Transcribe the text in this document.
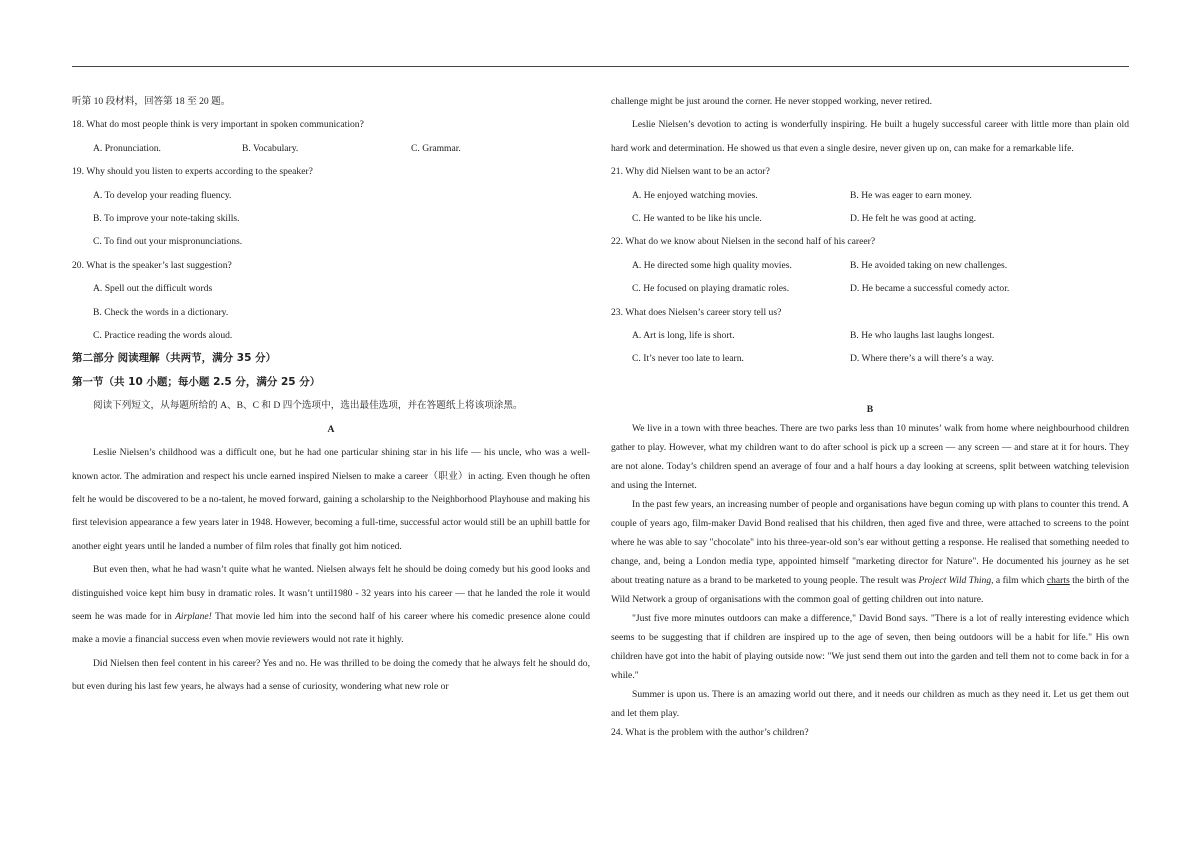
听第 10 段材料，回答第 18 至 20 题。

18. What do most people think is very important in spoken communication?

A. Pronunciation.	B. Vocabulary.	C. Grammar.

19. Why should you listen to experts according to the speaker?

A. To develop your reading fluency.

B. To improve your note-taking skills.

C. To find out your mispronunciations.

20. What is the speaker’s last suggestion?

A. Spell out the difficult words

B. Check the words in a dictionary.

C. Practice reading the words aloud.

第二部分 阅读理解（共两节，满分 35 分）

第一节（共 10 小题；每小题 2.5 分，满分 25 分）

阅读下列短文，从每题所给的 A、B、C 和 D 四个选项中，选出最佳选项，并在答题纸上将该项涂黑。

A

Leslie Nielsen’s childhood was a difficult one, but he had one particular shining star in his life — his uncle, who was a well-known actor. The admiration and respect his uncle earned inspired Nielsen to make a career（职业）in acting. Even though he often felt he would be discovered to be a no-talent, he moved forward, gaining a scholarship to the Neighborhood Playhouse and making his first television appearance a few years later in 1948. However, becoming a full-time, successful actor would still be an uphill battle for another eight years until he landed a number of film roles that finally got him noticed.

But even then, what he had wasn’t quite what he wanted. Nielsen always felt he should be doing comedy but his good looks and distinguished voice kept him busy in dramatic roles. It wasn’t until1980 - 32 years into his career — that he landed the role it would seem he was made for in Airplane! That movie led him into the second half of his career where his comedic presence alone could make a movie a financial success even when movie reviewers would not rate it highly.

Did Nielsen then feel content in his career? Yes and no. He was thrilled to be doing the comedy that he always felt he should do, but even during his last few years, he always had a sense of curiosity, wondering what new role or

challenge might be just around the corner. He never stopped working, never retired.

Leslie Nielsen’s devotion to acting is wonderfully inspiring. He built a hugely successful career with little more than plain old hard work and determination. He showed us that even a single desire, never given up on, can make for a remarkable life.

21. Why did Nielsen want to be an actor?

A. He enjoyed watching movies.	B. He was eager to earn money.
C. He wanted to be like his uncle.	D. He felt he was good at acting.

22. What do we know about Nielsen in the second half of his career?

A. He directed some high quality movies.	B. He avoided taking on new challenges.
C. He focused on playing dramatic roles.	D. He became a successful comedy actor.

23. What does Nielsen’s career story tell us?

A. Art is long, life is short.	B. He who laughs last laughs longest.
C. It’s never too late to learn.	D. Where there’s a will there’s a way.

B

We live in a town with three beaches. There are two parks less than 10 minutes’ walk from home where neighbourhood children gather to play. However, what my children want to do after school is pick up a screen — any screen — and stare at it for hours. They are not alone. Today’s children spend an average of four and a half hours a day looking at screens, split between watching television and using the Internet.

In the past few years, an increasing number of people and organisations have begun coming up with plans to counter this trend. A couple of years ago, film-maker David Bond realised that his children, then aged five and three, were attached to screens to the point where he was able to say "chocolate" into his three-year-old son’s ear without getting a response. He realised that something needed to change, and, being a London media type, appointed himself "marketing director for Nature". He documented his journey as he set about treating nature as a brand to be marketed to young people. The result was Project Wild Thing, a film which charts the birth of the Wild Network a group of organisations with the common goal of getting children out into nature.

"Just five more minutes outdoors can make a difference," David Bond says. "There is a lot of really interesting evidence which seems to be suggesting that if children are inspired up to the age of seven, then being outdoors will be a habit for life." His own children have got into the habit of playing outside now: "We just send them out into the garden and tell them not to come back in for a while."

Summer is upon us. There is an amazing world out there, and it needs our children as much as they need it. Let us get them out and let them play.

24. What is the problem with the author’s children?
